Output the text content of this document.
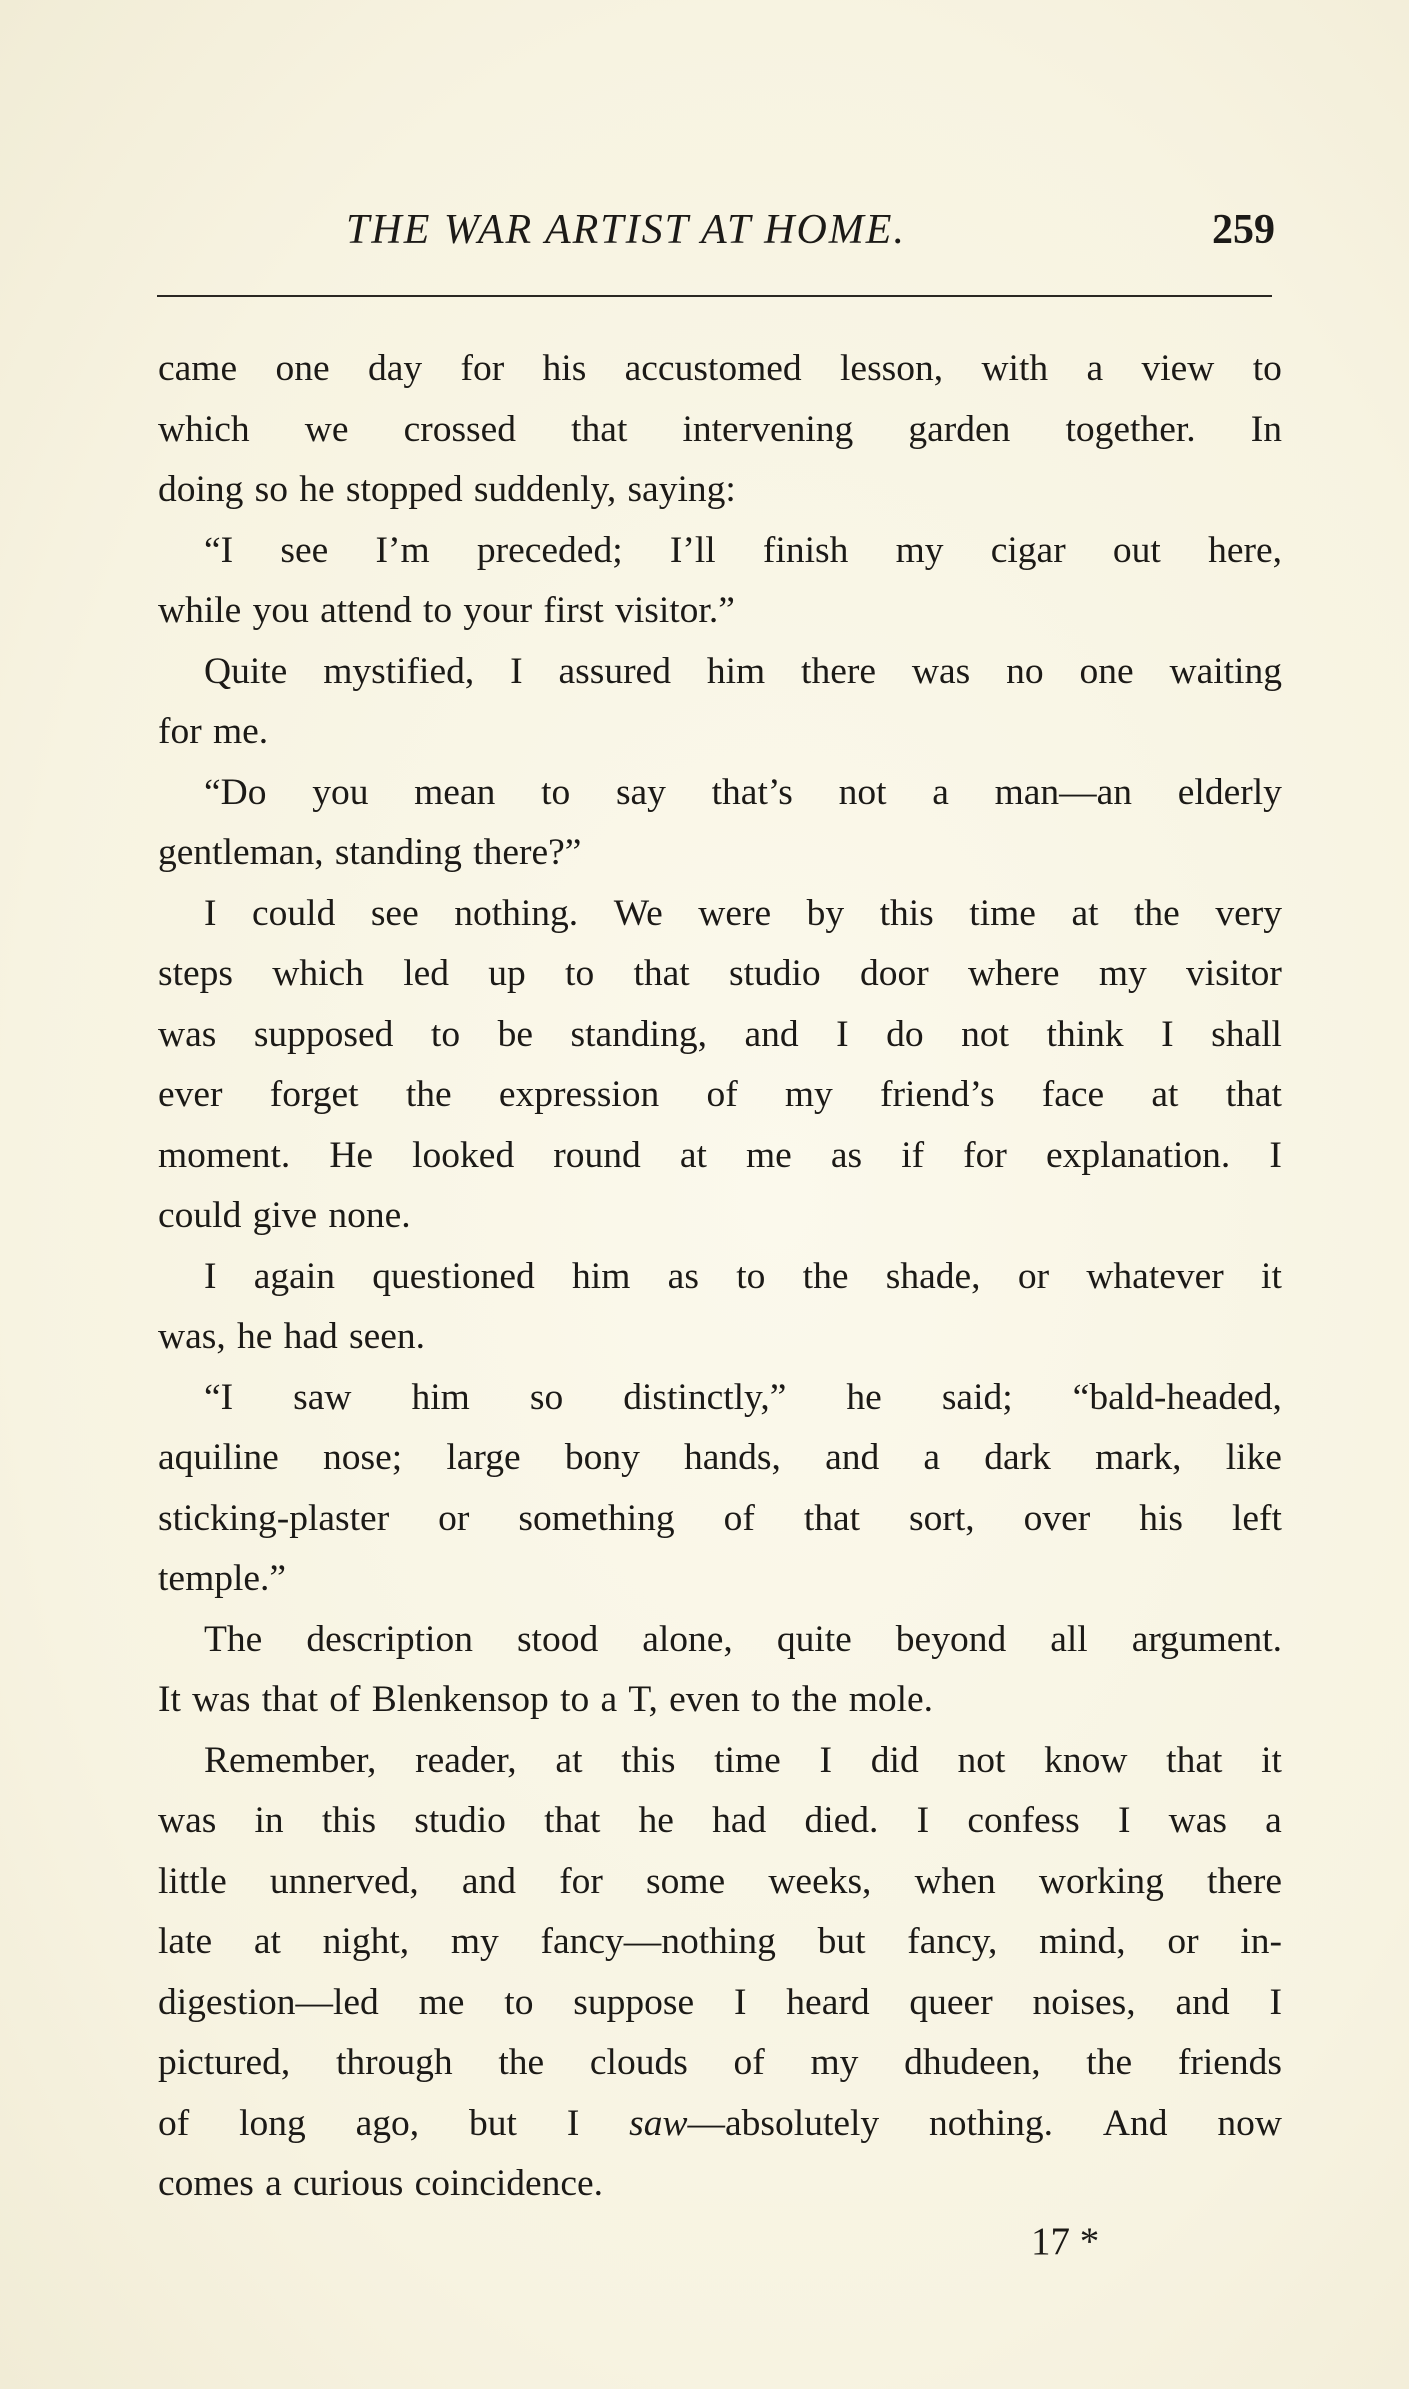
THE WAR ARTIST AT HOME.	259
came one day for his accustomed lesson, with a view to
which we crossed that intervening garden together. In
doing so he stopped suddenly, saying:
“I see I’m preceded; I’ll finish my cigar out here,
while you attend to your first visitor.”
Quite mystified, I assured him there was no one waiting
for me.
“Do you mean to say that’s not a man—an elderly
gentleman, standing there?”
I could see nothing. We were by this time at the very
steps which led up to that studio door where my visitor
was supposed to be standing, and I do not think I shall
ever forget the expression of my friend’s face at that
moment. He looked round at me as if for explanation. I
could give none.
I again questioned him as to the shade, or whatever it
was, he had seen.
“I saw him so distinctly,” he said; “bald-headed,
aquiline nose; large bony hands, and a dark mark, like
sticking-plaster or something of that sort, over his left
temple.”
The description stood alone, quite beyond all argument.
It was that of Blenkensop to a T, even to the mole.
Remember, reader, at this time I did not know that it
was in this studio that he had died. I confess I was a
little unnerved, and for some weeks, when working there
late at night, my fancy—nothing but fancy, mind, or in-
digestion—led me to suppose I heard queer noises, and I
pictured, through the clouds of my dhudeen, the friends
of long ago, but I saw—absolutely nothing. And now
comes a curious coincidence.
17 *
